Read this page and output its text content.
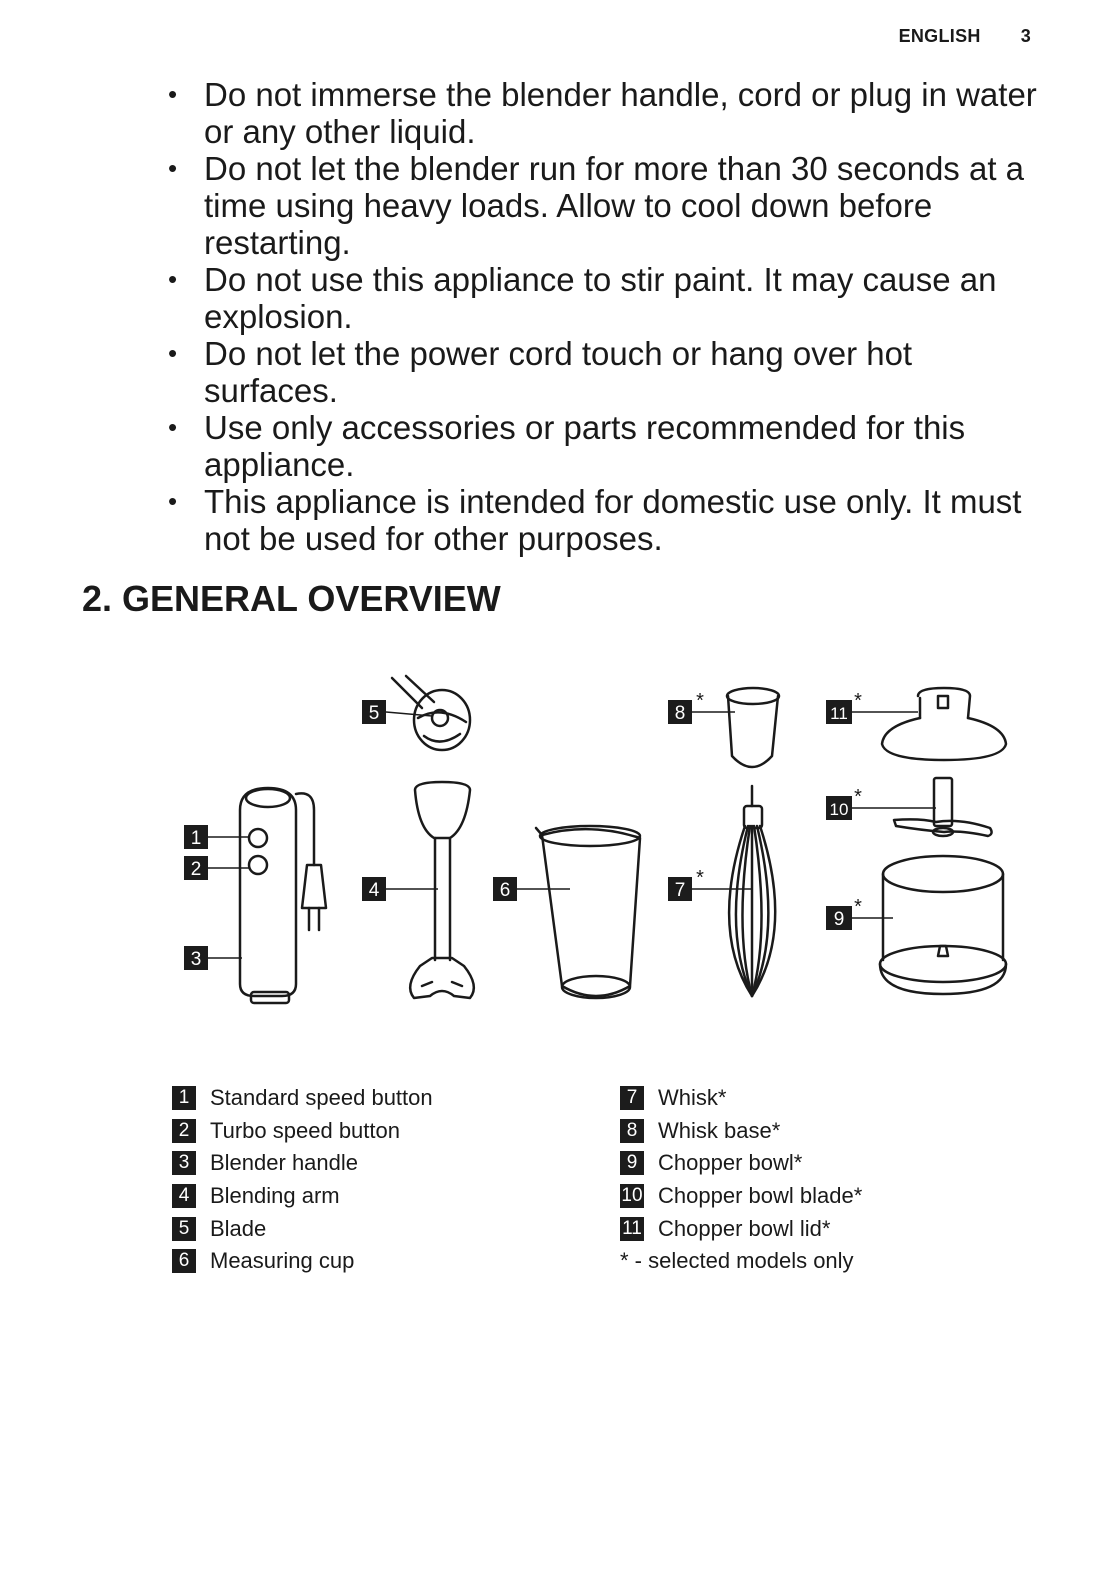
ENGLISH 3
• Do not immerse the blender handle, cord or plug in water or any other liquid.
• Do not let the blender run for more than 30 seconds at a time using heavy loads. Allow to cool down before restarting.
• Do not use this appliance to stir paint. It may cause an explosion.
• Do not let the power cord touch or hang over hot surfaces.
• Use only accessories or parts recommended for this appliance.
• This appliance is intended for domestic use only. It must not be used for other purposes.
2. GENERAL OVERVIEW
1
2
3
4
5
6	7
*
8
*
9
*
10
*
11
*
1 Standard speed button
2 Turbo speed button
3 Blender handle
4 Blending arm
5 Blade
6 Measuring cup
7 Whisk*
8 Whisk base*
9 Chopper bowl*
10 Chopper bowl blade*
11 Chopper bowl lid*
* - selected models only
